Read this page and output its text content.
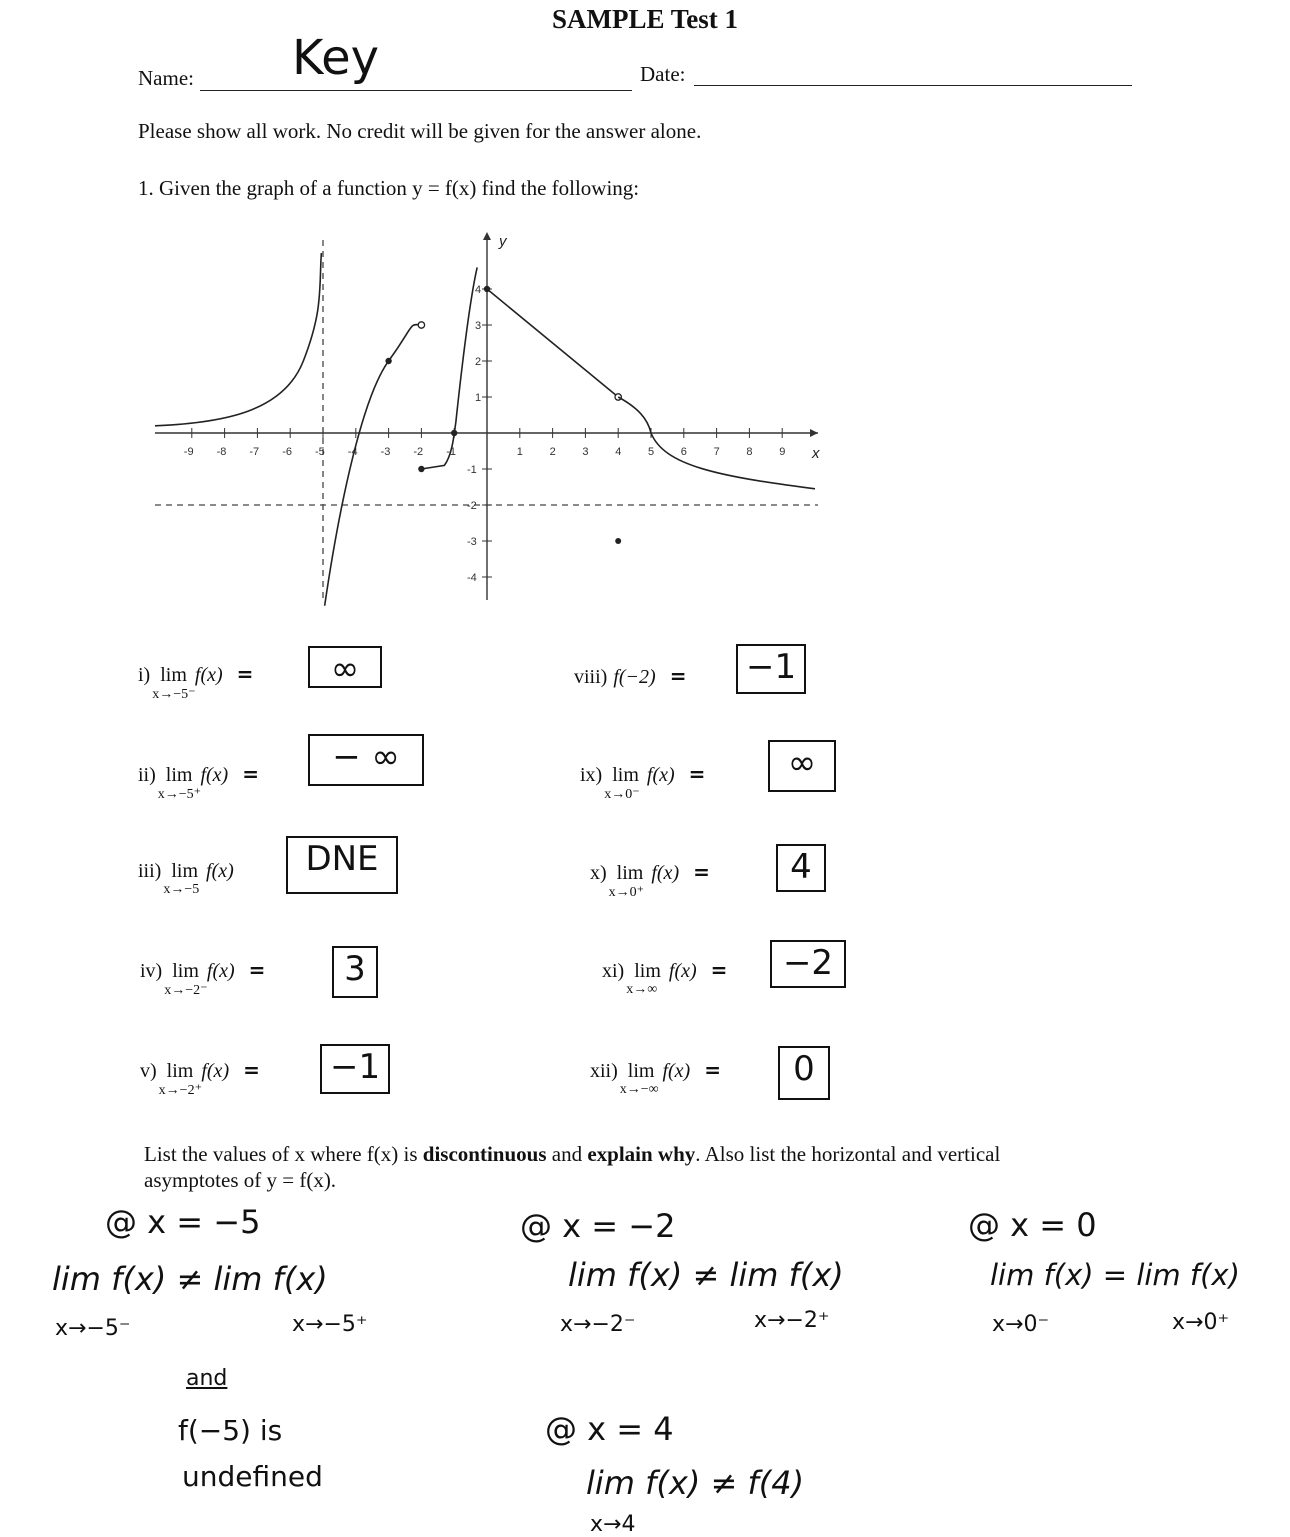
SAMPLE Test 1
Name: Key	Date:
Please show all work. No credit will be given for the answer alone.
1. Given the graph of a function y = f(x) find the following:
-9 -8 -7 -6 -5 -4 -3 -2 -1	1 2 3 4 5 6 7 8 9
-4
-3
-2
-1
1
2
3
4
x
y
i) lim
x→−5⁻
f(x) =	∞
ii) lim
x→−5⁺
f(x) =	− ∞
iii) lim
x→−5
f(x)	DNE
iv) lim
x→−2⁻
f(x) =	3
v) lim
x→−2⁺
f(x) = −1
viii) f(−2) = −1
ix) lim
x→0⁻
f(x) =	∞
x) lim
x→0⁺
f(x) =	4
xi) lim
x→∞
f(x) =	−2
xii) lim
x→−∞
f(x) =	0
List the values of x where f(x) is discontinuous and explain why. Also list the horizontal and vertical
asymptotes of y = f(x).
@ x = −5
lim f(x) ≠ lim f(x)
x→−5⁻	x→−5⁺
and
f(−5) is
undefined
@ x = −2
lim f(x) ≠ lim f(x)
x→−2⁻	x→−2⁺
@ x = 0
lim f(x) = lim f(x)
x→0⁻	x→0⁺
@ x = 4
lim f(x) ≠ f(4)
x→4
